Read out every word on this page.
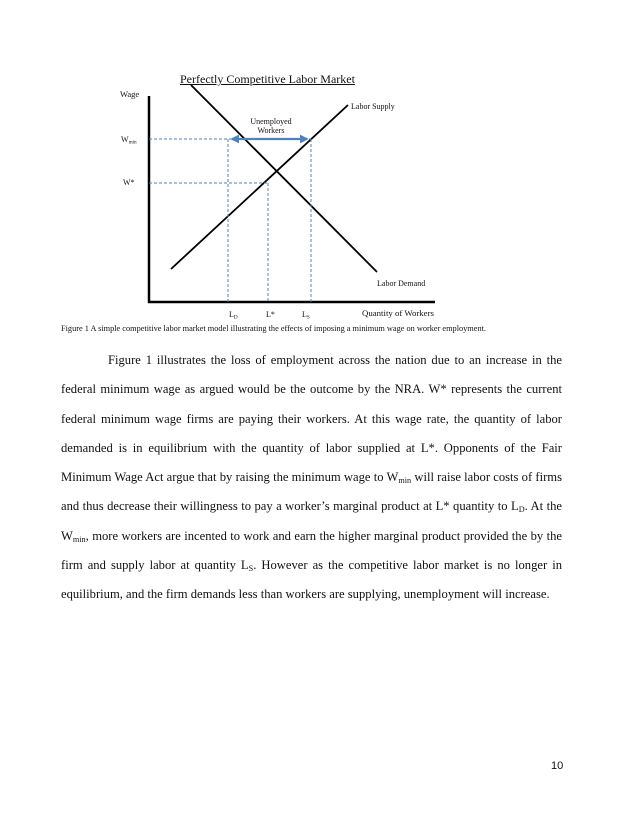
Perfectly Competitive Labor Market
Wage
Labor Supply
Labor Demand
Unemployed
Workers
$W_{min}$
W*
$L_D$	L*	$L_S$	Quantity of Workers
Figure 1 A simple competitive labor market model illustrating the effects of imposing a minimum wage on worker employment.

Figure 1 illustrates the loss of employment across the nation due to an increase in the federal minimum wage as argued would be the outcome by the NRA. W* represents the current federal minimum wage firms are paying their workers. At this wage rate, the quantity of labor demanded is in equilibrium with the quantity of labor supplied at L*. Opponents of the Fair Minimum Wage Act argue that by raising the minimum wage to $W_{min}$ will raise labor costs of firms and thus decrease their willingness to pay a worker’s marginal product at L* quantity to $L_D$. At the $W_{min}$, more workers are incented to work and earn the higher marginal product provided the by the firm and supply labor at quantity $L_S$. However as the competitive labor market is no longer in equilibrium, and the firm demands less than workers are supplying, unemployment will increase.

10
